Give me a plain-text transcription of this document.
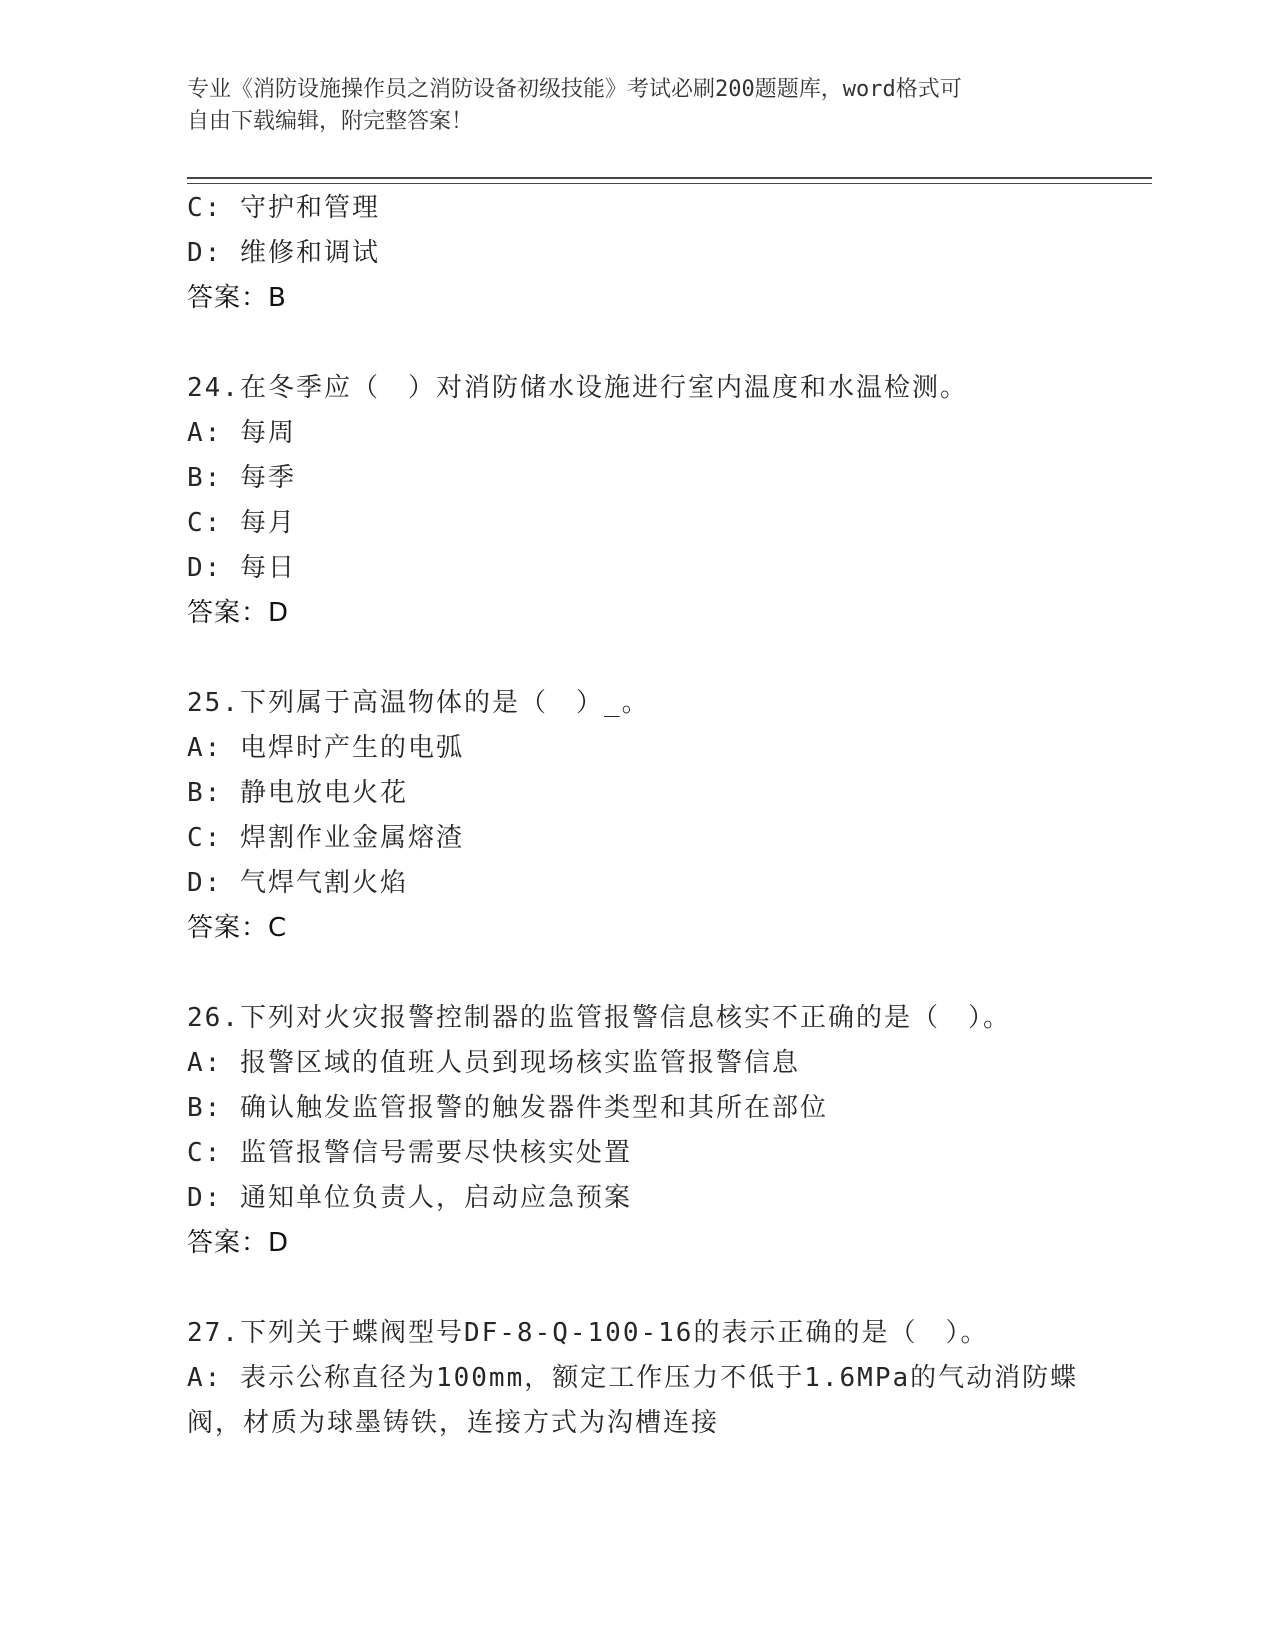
专业《消防设施操作员之消防设备初级技能》考试必刷200题题库，word格式可
自由下载编辑，附完整答案！
C: 守护和管理
D: 维修和调试
答案：B
24.在冬季应（　）对消防储水设施进行室内温度和水温检测。
A: 每周
B: 每季
C: 每月
D: 每日
答案：D
25.下列属于高温物体的是（　）_。
A: 电焊时产生的电弧
B: 静电放电火花
C: 焊割作业金属熔渣
D: 气焊气割火焰
答案：C
26.下列对火灾报警控制器的监管报警信息核实不正确的是（　）。
A: 报警区域的值班人员到现场核实监管报警信息
B: 确认触发监管报警的触发器件类型和其所在部位
C: 监管报警信号需要尽快核实处置
D: 通知单位负责人，启动应急预案
答案：D
27.下列关于蝶阀型号DF-8-Q-100-16的表示正确的是（　）。
A: 表示公称直径为100mm，额定工作压力不低于1.6MPa的气动消防蝶
阀，材质为球墨铸铁，连接方式为沟槽连接
